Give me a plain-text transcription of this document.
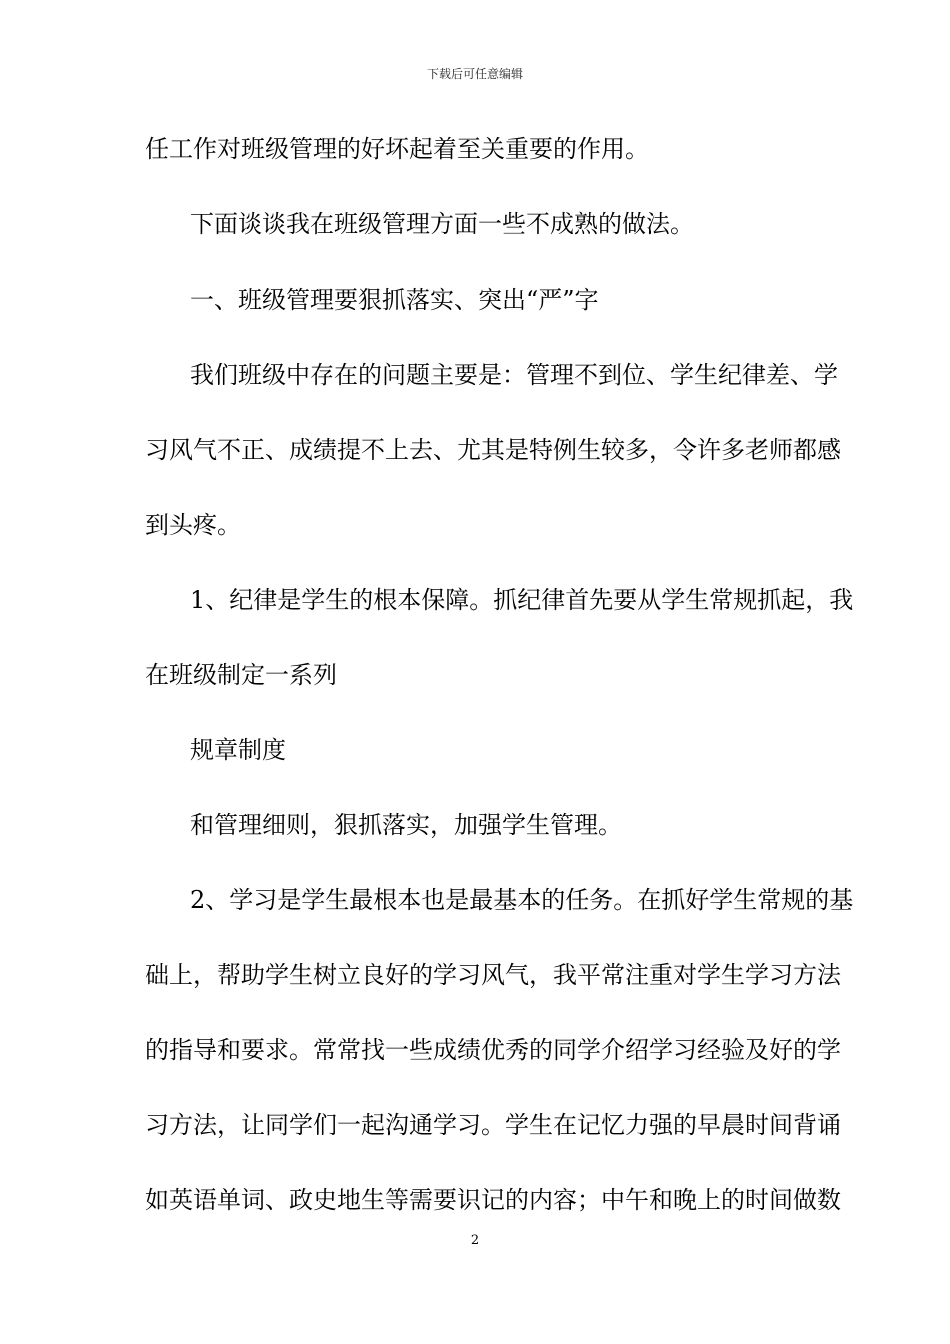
下载后可任意编辑
任工作对班级管理的好坏起着至关重要的作用。
下面谈谈我在班级管理方面一些不成熟的做法。
一、班级管理要狠抓落实、突出“严”字
我们班级中存在的问题主要是：管理不到位、学生纪律差、学
习风气不正、成绩提不上去、尤其是特例生较多，令许多老师都感
到头疼。
1、纪律是学生的根本保障。抓纪律首先要从学生常规抓起，我
在班级制定一系列
规章制度
和管理细则，狠抓落实，加强学生管理。
2、学习是学生最根本也是最基本的任务。在抓好学生常规的基
础上，帮助学生树立良好的学习风气，我平常注重对学生学习方法
的指导和要求。常常找一些成绩优秀的同学介绍学习经验及好的学
习方法，让同学们一起沟通学习。学生在记忆力强的早晨时间背诵
如英语单词、政史地生等需要识记的内容；中午和晚上的时间做数
2
